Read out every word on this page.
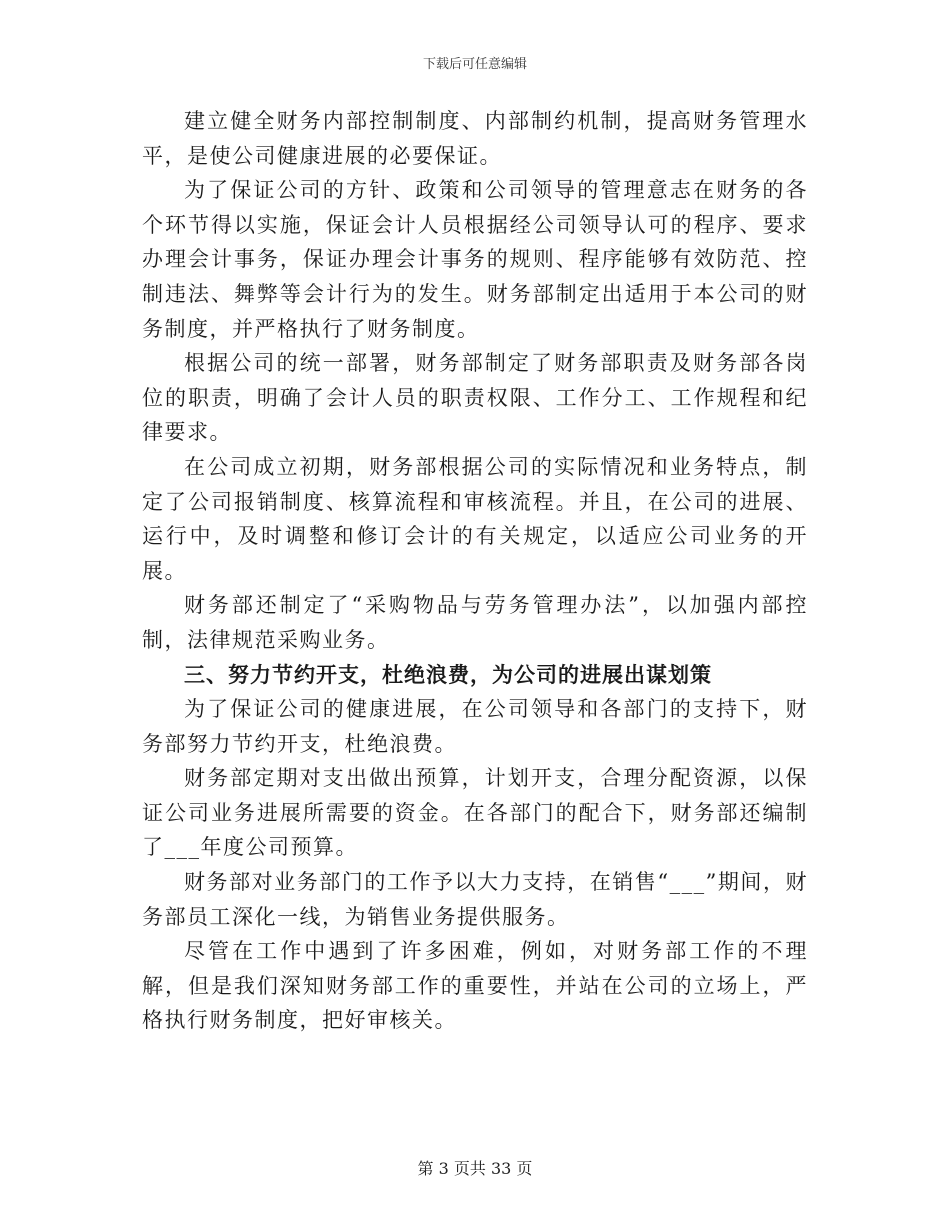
下载后可任意编辑

建立健全财务内部控制制度、内部制约机制，提高财务管理水平，是使公司健康进展的必要保证。

为了保证公司的方针、政策和公司领导的管理意志在财务的各个环节得以实施，保证会计人员根据经公司领导认可的程序、要求办理会计事务，保证办理会计事务的规则、程序能够有效防范、控制违法、舞弊等会计行为的发生。财务部制定出适用于本公司的财务制度，并严格执行了财务制度。

根据公司的统一部署，财务部制定了财务部职责及财务部各岗位的职责，明确了会计人员的职责权限、工作分工、工作规程和纪律要求。

在公司成立初期，财务部根据公司的实际情况和业务特点，制定了公司报销制度、核算流程和审核流程。并且，在公司的进展、运行中，及时调整和修订会计的有关规定，以适应公司业务的开展。

财务部还制定了“采购物品与劳务管理办法”，以加强内部控制，法律规范采购业务。

三、努力节约开支，杜绝浪费，为公司的进展出谋划策

为了保证公司的健康进展，在公司领导和各部门的支持下，财务部努力节约开支，杜绝浪费。

财务部定期对支出做出预算，计划开支，合理分配资源，以保证公司业务进展所需要的资金。在各部门的配合下，财务部还编制了___年度公司预算。

财务部对业务部门的工作予以大力支持，在销售“___”期间，财务部员工深化一线，为销售业务提供服务。

尽管在工作中遇到了许多困难，例如，对财务部工作的不理解，但是我们深知财务部工作的重要性，并站在公司的立场上，严格执行财务制度，把好审核关。

第 3 页共 33 页
